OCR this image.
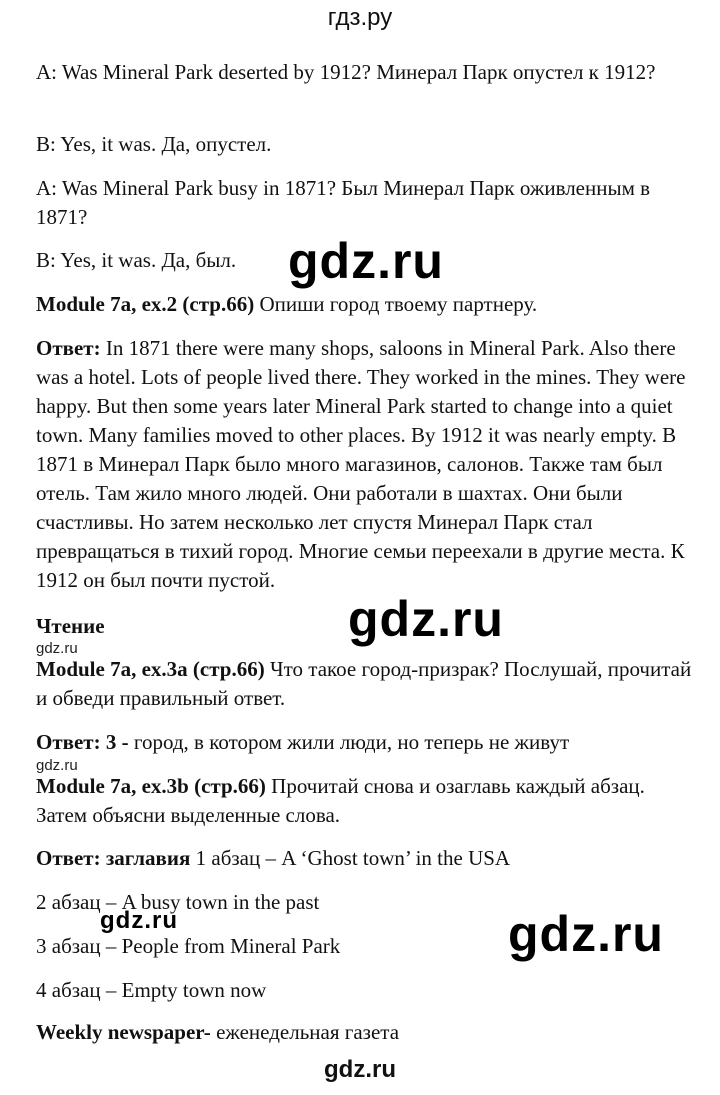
гдз.ру
A: Was Mineral Park deserted by 1912? Минерал Парк опустел к 1912?
B: Yes, it was. Да, опустел.
A: Was Mineral Park busy in 1871? Был Минерал Парк оживленным в 1871?
B: Yes, it was. Да, был.
Module 7a, ex.2 (стр.66) Опиши город твоему партнеру.
Ответ: In 1871 there were many shops, saloons in Mineral Park. Also there was a hotel. Lots of people lived there. They worked in the mines. They were happy. But then some years later Mineral Park started to change into a quiet town. Many families moved to other places. By 1912 it was nearly empty. В 1871 в Минерал Парк было много магазинов, салонов. Также там был отель. Там жило много людей. Они работали в шахтах. Они были счастливы. Но затем несколько лет спустя Минерал Парк стал превращаться в тихий город. Многие семьи переехали в другие места. К 1912 он был почти пустой.
Чтение
Module 7a, ex.3a (стр.66) Что такое город-призрак? Послушай, прочитай и обведи правильный ответ.
Ответ: 3 - город, в котором жили люди, но теперь не живут
Module 7a, ex.3b (стр.66) Прочитай снова и озаглавь каждый абзац. Затем объясни выделенные слова.
Ответ: заглавия 1 абзац – A ‘Ghost town’ in the USA
2 абзац – A busy town in the past
3 абзац – People from Mineral Park
4 абзац – Empty town now
Weekly newspaper- еженедельная газета
gdz.ru
gdz.ru
gdz.ru
gdz.ru
gdz.ru
gdz.ru
gdz.ru
